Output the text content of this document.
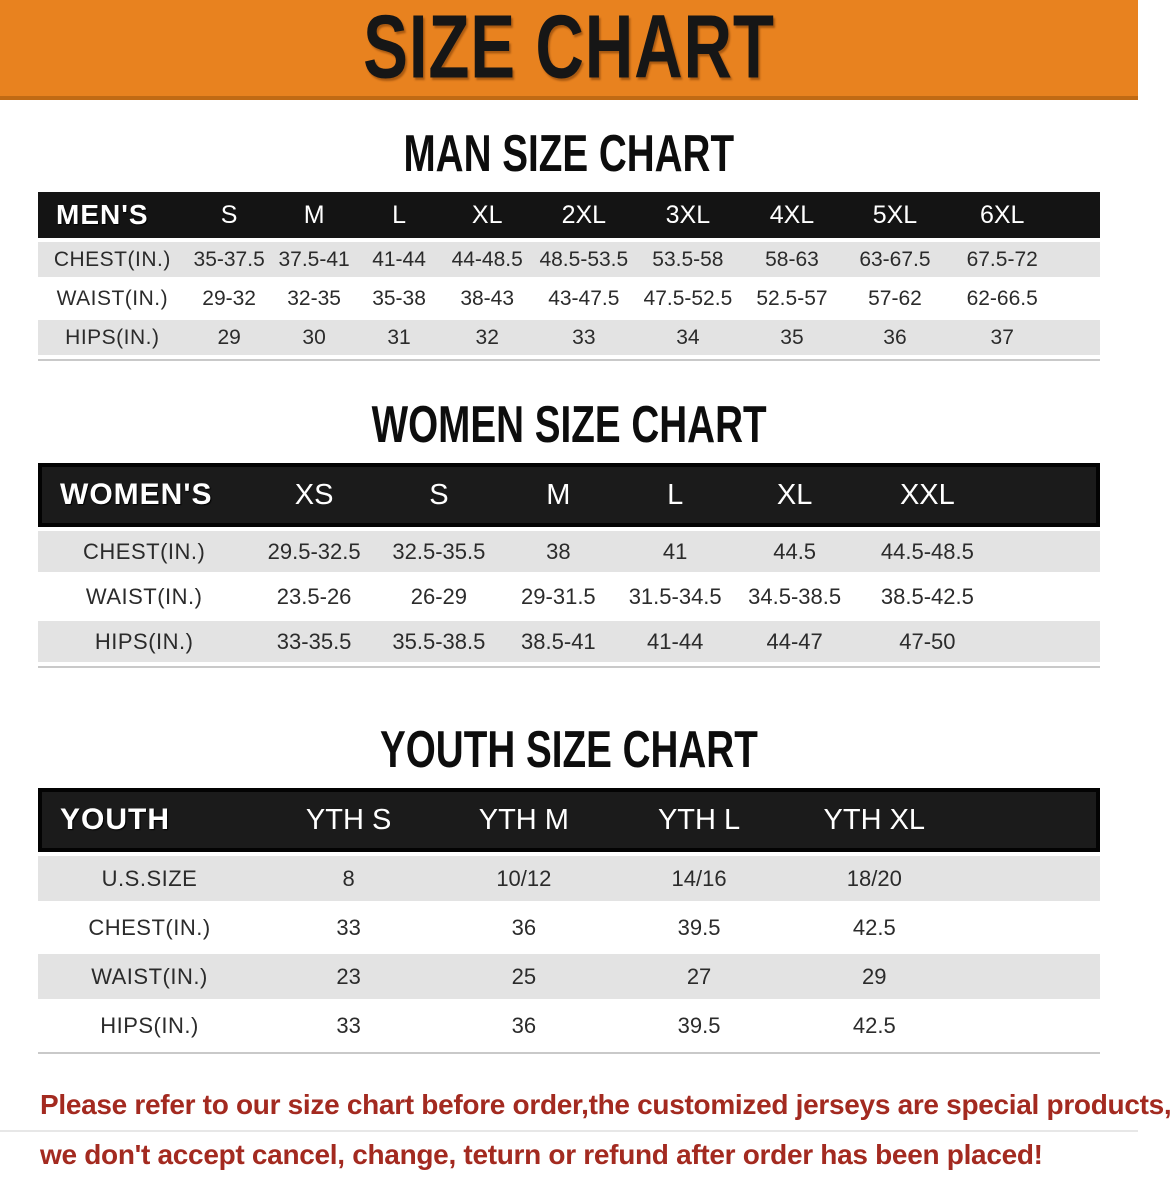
SIZE CHART
MAN SIZE CHART
MEN'S	S	M	L	XL	2XL	3XL	4XL	5XL	6XL	
CHEST(IN.)	35-37.5	37.5-41	41-44	44-48.5	48.5-53.5	53.5-58	58-63	63-67.5	67.5-72	
WAIST(IN.)	29-32	32-35	35-38	38-43	43-47.5	47.5-52.5	52.5-57	57-62	62-66.5	
HIPS(IN.)	29	30	31	32	33	34	35	36	37	
WOMEN SIZE CHART
WOMEN'S	XS	S	M	L	XL	XXL	
CHEST(IN.)	29.5-32.5	32.5-35.5	38	41	44.5	44.5-48.5	
WAIST(IN.)	23.5-26	26-29	29-31.5	31.5-34.5	34.5-38.5	38.5-42.5	
HIPS(IN.)	33-35.5	35.5-38.5	38.5-41	41-44	44-47	47-50	
YOUTH SIZE CHART
YOUTH	YTH S	YTH M	YTH L	YTH XL	
U.S.SIZE	8	10/12	14/16	18/20	
CHEST(IN.)	33	36	39.5	42.5	
WAIST(IN.)	23	25	27	29	
HIPS(IN.)	33	36	39.5	42.5	

Please refer to our size chart before order,the customized jerseys are special products,
we don't accept cancel, change, teturn or refund after order has been placed!
